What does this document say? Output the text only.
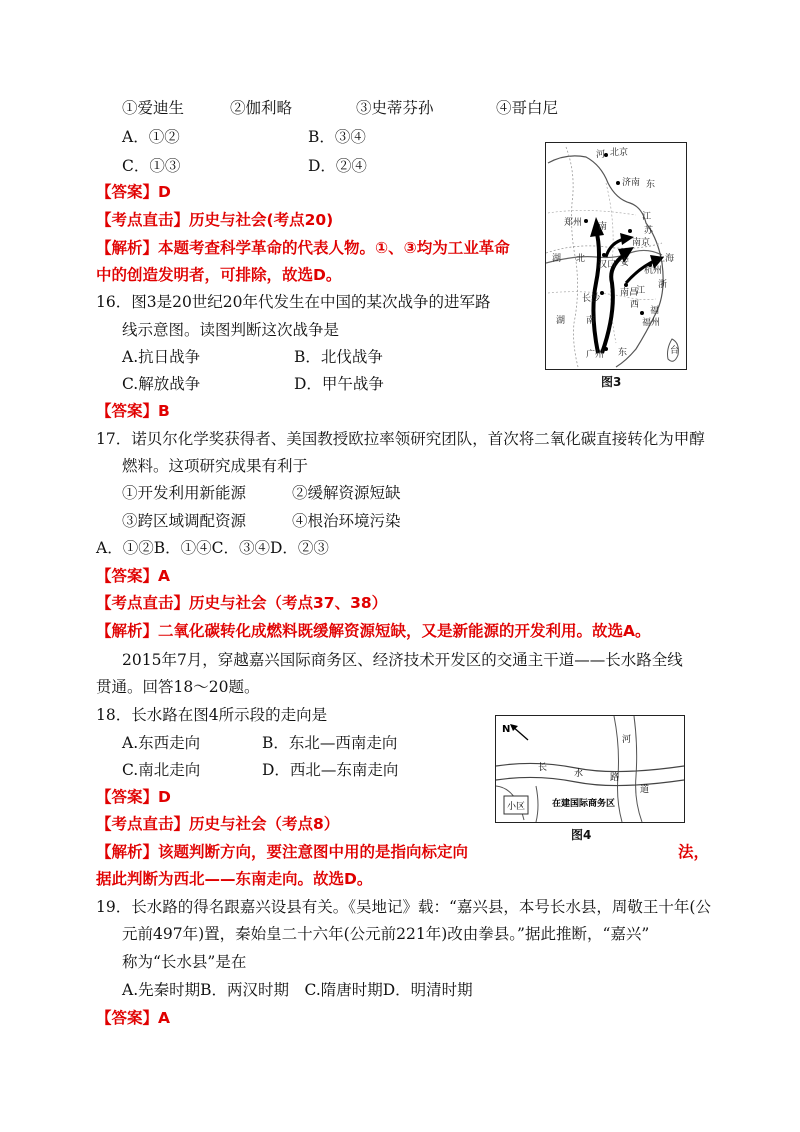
①爱迪生	②伽利略	③史蒂芬孙	④哥白尼
A．①②	B．③④
C．①③	D．②④
【答案】D
【考点直击】历史与社会(考点20)
【解析】本题考查科学革命的代表人物。①、③均为工业革命
中的创造发明者，可排除，故选D。
河 北京
东
济南
郑州
江
南	苏
南京
上海
汉口
杭州
湖 北	安
长沙
南昌
江
浙
湖 南	福州
西
福
广州 东	台
图3
16．图3是20世纪20年代发生在中国的某次战争的进军路
线示意图。读图判断这次战争是
A.抗日战争	B．北伐战争
C.解放战争	D．甲午战争
【答案】B
17．诺贝尔化学奖获得者、美国教授欧拉率领研究团队，首次将二氧化碳直接转化为甲醇
燃料。这项研究成果有利于
①开发利用新能源	②缓解资源短缺
③跨区域调配资源	④根治环境污染
A．①②B．①④C．③④D．②③
【答案】A
【考点直击】历史与社会（考点37、38）
【解析】二氧化碳转化成燃料既缓解资源短缺，又是新能源的开发利用。故选A。
2015年7月，穿越嘉兴国际商务区、经济技术开发区的交通主干道——长水路全线
贯通。回答18～20题。
18．长水路在图4所示段的走向是
A.东西走向	B．东北—西南走向
C.南北走向	D．西北—东南走向
【答案】D
【考点直击】历史与社会（考点8）
【解析】该题判断方向，要注意图中用的是指向标定向	法，
据此判断为西北——东南走向。故选D。
N
小区
长
水	路
河
道
在建国际商务区
图4
19．长水路的得名跟嘉兴设县有关。《吴地记》载：“嘉兴县，本号长水县，周敬王十年(公
元前497年)置，秦始皇二十六年(公元前221年)改由拳县。”据此推断，“嘉兴”
称为“长水县”是在
A.先秦时期B．两汉时期　C.隋唐时期D．明清时期
【答案】A
